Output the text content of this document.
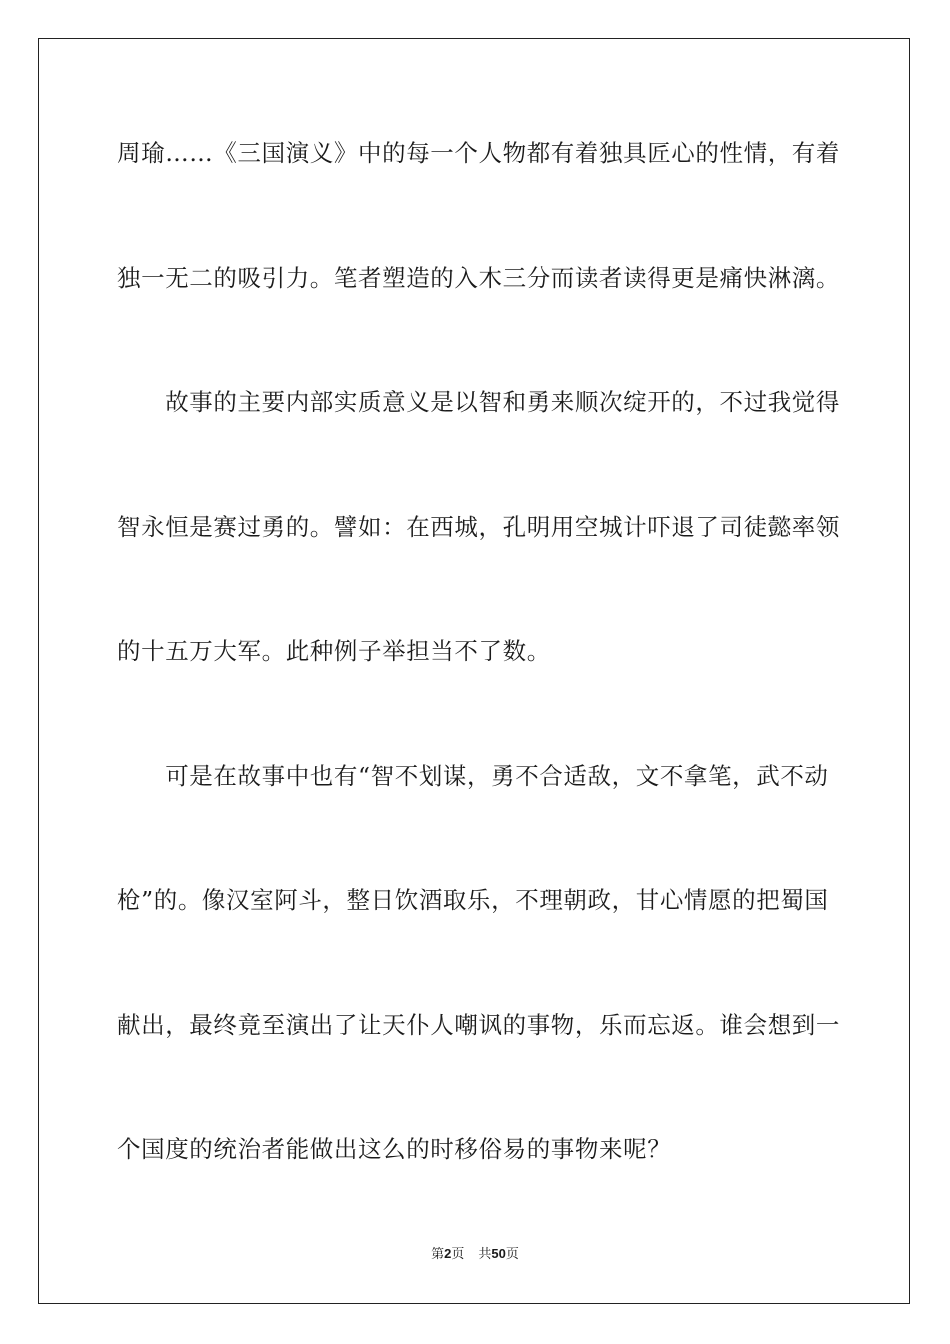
周瑜……《三国演义》中的每一个人物都有着独具匠心的性情，有着
独一无二的吸引力。笔者塑造的入木三分而读者读得更是痛快淋漓。
　　故事的主要内部实质意义是以智和勇来顺次绽开的，不过我觉得
智永恒是赛过勇的。譬如：在西城，孔明用空城计吓退了司徒懿率领
的十五万大军。此种例子举担当不了数。
　　可是在故事中也有“智不划谋，勇不合适敌，文不拿笔，武不动
枪”的。像汉室阿斗，整日饮酒取乐，不理朝政，甘心情愿的把蜀国
献出，最终竟至演出了让天仆人嘲讽的事物，乐而忘返。谁会想到一
个国度的统治者能做出这么的时移俗易的事物来呢？
第2页 共50页
